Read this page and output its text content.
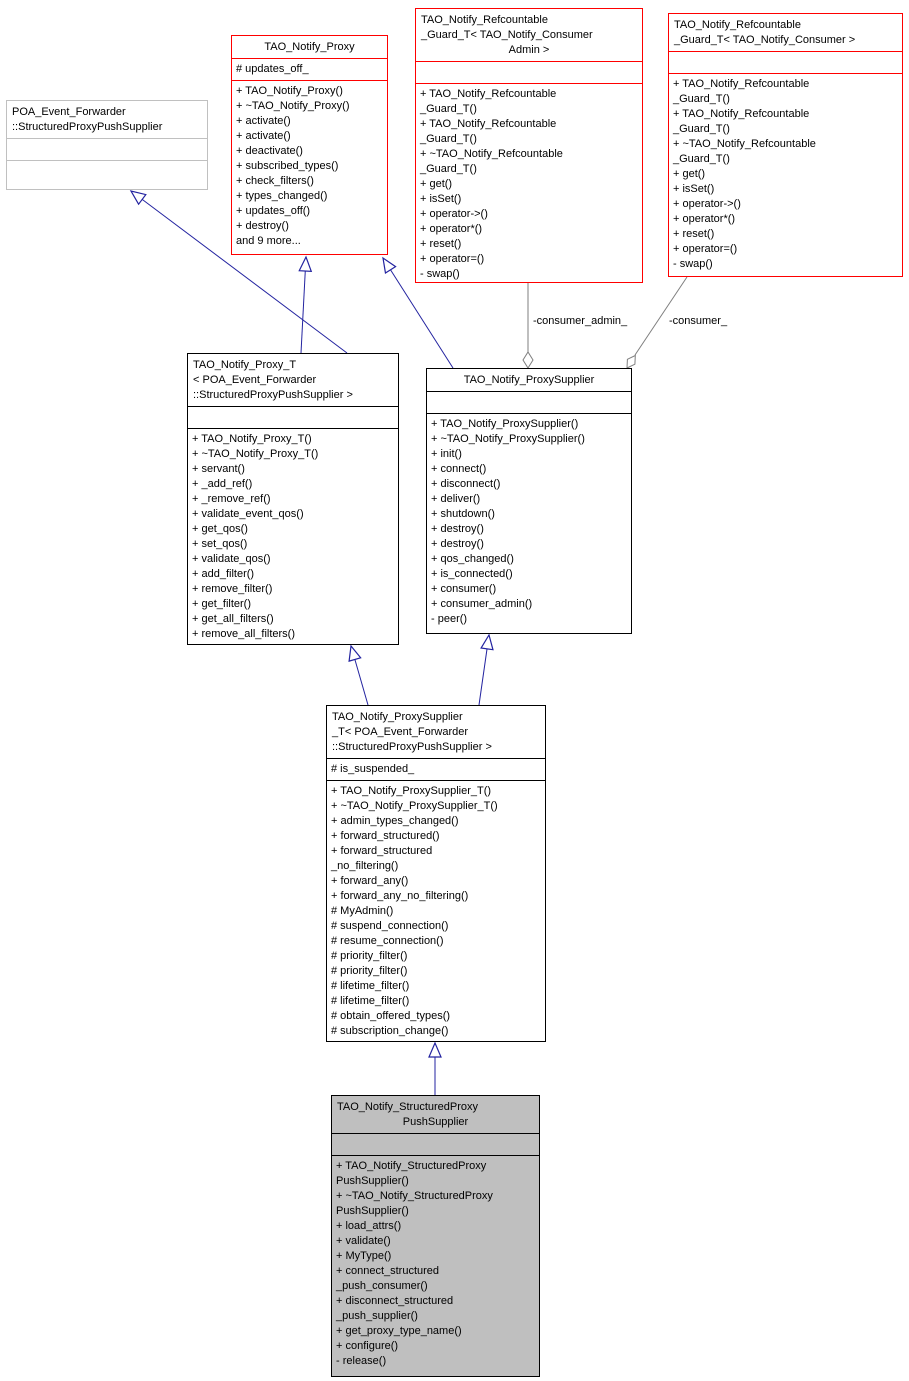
-consumer_admin_	-consumer_
POA_Event_Forwarder
::StructuredProxyPushSupplier
TAO_Notify_Proxy
# updates_off_
+ TAO_Notify_Proxy()
+ ~TAO_Notify_Proxy()
+ activate()
+ activate()
+ deactivate()
+ subscribed_types()
+ check_filters()
+ types_changed()
+ updates_off()
+ destroy()
and 9 more...
TAO_Notify_Refcountable
_Guard_T< TAO_Notify_Consumer
Admin >
+ TAO_Notify_Refcountable
_Guard_T()
+ TAO_Notify_Refcountable
_Guard_T()
+ ~TAO_Notify_Refcountable
_Guard_T()
+ get()
+ isSet()
+ operator->()
+ operator*()
+ reset()
+ operator=()
- swap()
TAO_Notify_Refcountable
_Guard_T< TAO_Notify_Consumer >
+ TAO_Notify_Refcountable
_Guard_T()
+ TAO_Notify_Refcountable
_Guard_T()
+ ~TAO_Notify_Refcountable
_Guard_T()
+ get()
+ isSet()
+ operator->()
+ operator*()
+ reset()
+ operator=()
- swap()
TAO_Notify_Proxy_T
< POA_Event_Forwarder
::StructuredProxyPushSupplier >
+ TAO_Notify_Proxy_T()
+ ~TAO_Notify_Proxy_T()
+ servant()
+ _add_ref()
+ _remove_ref()
+ validate_event_qos()
+ get_qos()
+ set_qos()
+ validate_qos()
+ add_filter()
+ remove_filter()
+ get_filter()
+ get_all_filters()
+ remove_all_filters()
TAO_Notify_ProxySupplier
+ TAO_Notify_ProxySupplier()
+ ~TAO_Notify_ProxySupplier()
+ init()
+ connect()
+ disconnect()
+ deliver()
+ shutdown()
+ destroy()
+ destroy()
+ qos_changed()
+ is_connected()
+ consumer()
+ consumer_admin()
- peer()
TAO_Notify_ProxySupplier
_T< POA_Event_Forwarder
::StructuredProxyPushSupplier >
# is_suspended_
+ TAO_Notify_ProxySupplier_T()
+ ~TAO_Notify_ProxySupplier_T()
+ admin_types_changed()
+ forward_structured()
+ forward_structured
_no_filtering()
+ forward_any()
+ forward_any_no_filtering()
# MyAdmin()
# suspend_connection()
# resume_connection()
# priority_filter()
# priority_filter()
# lifetime_filter()
# lifetime_filter()
# obtain_offered_types()
# subscription_change()
TAO_Notify_StructuredProxy
PushSupplier
+ TAO_Notify_StructuredProxy
PushSupplier()
+ ~TAO_Notify_StructuredProxy
PushSupplier()
+ load_attrs()
+ validate()
+ MyType()
+ connect_structured
_push_consumer()
+ disconnect_structured
_push_supplier()
+ get_proxy_type_name()
+ configure()
- release()
